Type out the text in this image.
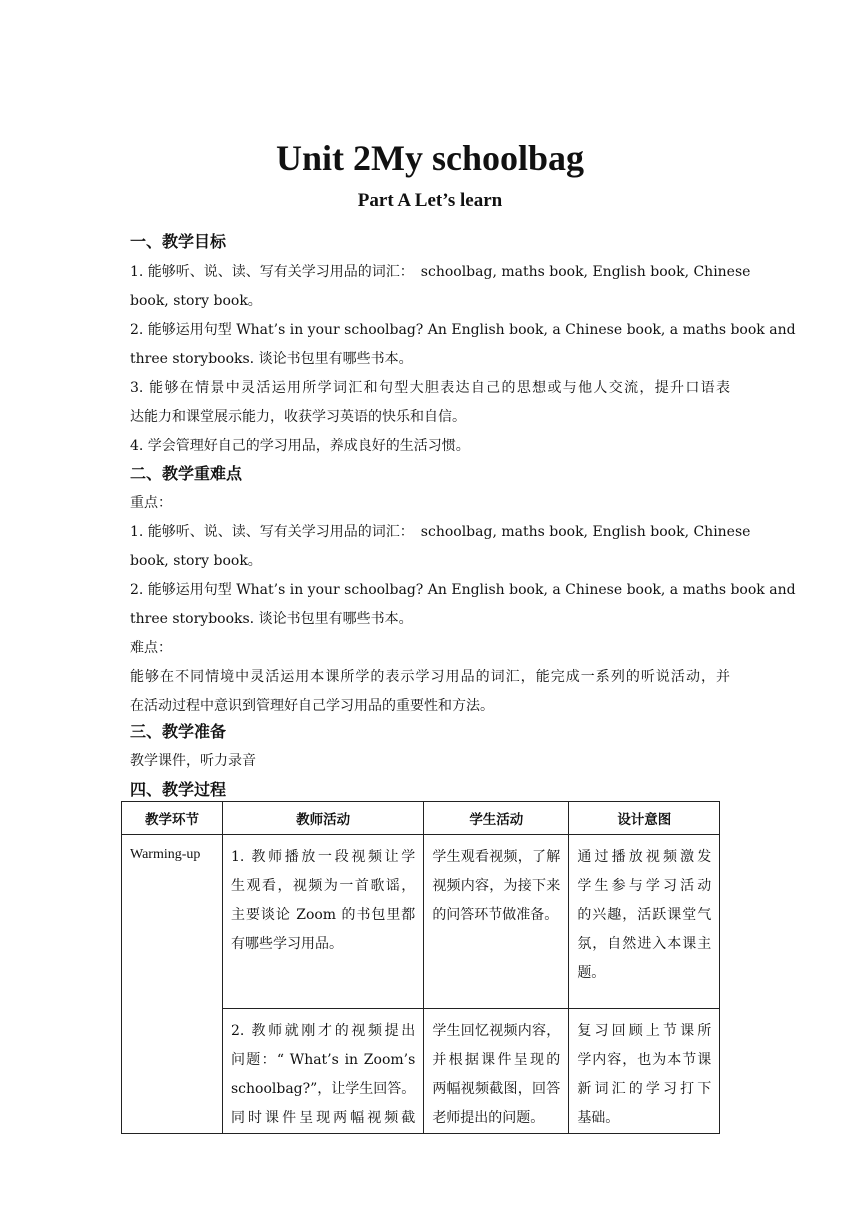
Unit 2My schoolbag
Part A Let’s learn
一、教学目标
1. 能够听、说、读、写有关学习用品的词汇：　schoolbag, maths book, English book, Chinese
book, story book。
2. 能够运用句型 What’s in your schoolbag? An English book, a Chinese book, a maths book and
three storybooks. 谈论书包里有哪些书本。
3. 能够在情景中灵活运用所学词汇和句型大胆表达自己的思想或与他人交流，提升口语表
达能力和课堂展示能力，收获学习英语的快乐和自信。
4. 学会管理好自己的学习用品，养成良好的生活习惯。
二、教学重难点
重点：
1. 能够听、说、读、写有关学习用品的词汇：　schoolbag, maths book, English book, Chinese
book, story book。
2. 能够运用句型 What’s in your schoolbag? An English book, a Chinese book, a maths book and
three storybooks. 谈论书包里有哪些书本。
难点：
能够在不同情境中灵活运用本课所学的表示学习用品的词汇，能完成一系列的听说活动，并
在活动过程中意识到管理好自己学习用品的重要性和方法。
三、教学准备
教学课件，听力录音
四、教学过程
教学环节	教师活动	学生活动	设计意图

Warming-up	1. 教师播放一段视频让学
生观看，视频为一首歌谣，
主要谈论 Zoom 的书包里都
有哪些学习用品。	学生观看视频，了解
视频内容，为接下来
的问答环节做准备。	通过播放视频激发
学生参与学习活动
的兴趣，活跃课堂气
氛，自然进入本课主
题。

	2. 教师就刚才的视频提出
问题：“ What’s in Zoom’s
schoolbag?”，让学生回答。
同时课件呈现两幅视频截	学生回忆视频内容，
并根据课件呈现的
两幅视频截图，回答
老师提出的问题。	复习回顾上节课所
学内容，也为本节课
新词汇的学习打下
基础。
